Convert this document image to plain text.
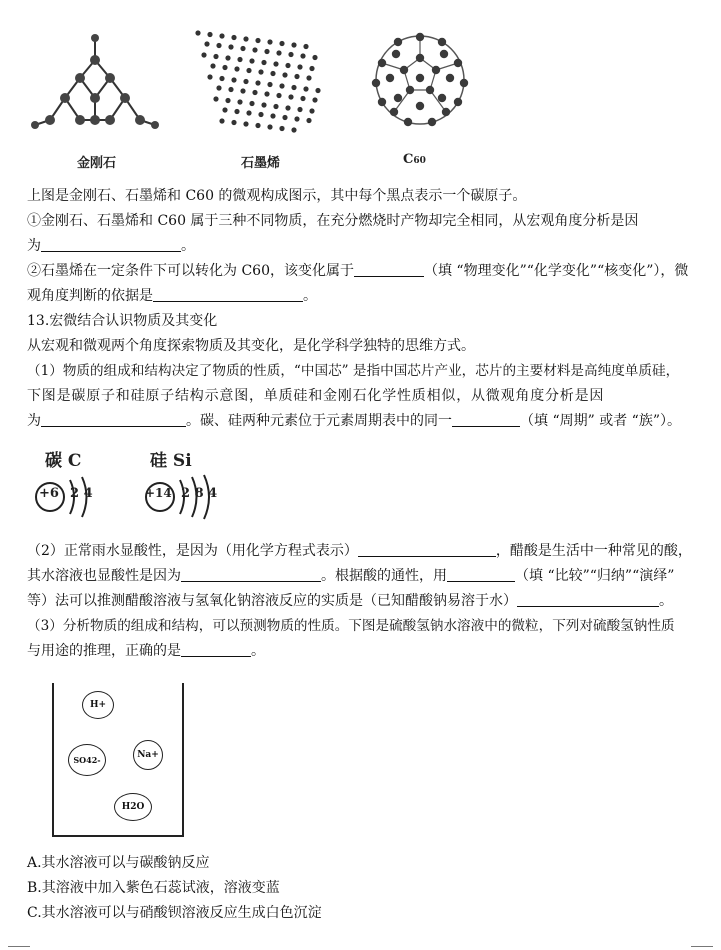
金刚石	石墨烯	C60
上图是金刚石、石墨烯和 C60 的微观构成图示，其中每个黑点表示一个碳原子。
①金刚石、石墨烯和 C60 属于三种不同物质，在充分燃烧时产物却完全相同，从宏观角度分析是因
为	。
②石墨烯在一定条件下可以转化为 C60，该变化属于	（填 “物理变化”“化学变化”“核变化”），微
观角度判断的依据是	。
13.宏微结合认识物质及其变化
从宏观和微观两个角度探索物质及其变化，是化学科学独特的思维方式。
（1）物质的组成和结构决定了物质的性质，“中国芯” 是指中国芯片产业，芯片的主要材料是高纯度单质硅，
下图是碳原子和硅原子结构示意图，单质硅和金刚石化学性质相似，从微观角度分析是因
为	。碳、硅两种元素位于元素周期表中的同一	（填 “周期” 或者 “族”）。
碳 C	硅 Si
+6 2 4	+14 2 8 4
（2）正常雨水显酸性，是因为（用化学方程式表示）	，醋酸是生活中一种常见的酸，
其水溶液也显酸性是因为	。根据酸的通性，用	（填 “比较”“归纳”“演绎”
等）法可以推测醋酸溶液与氢氧化钠溶液反应的实质是（已知醋酸钠易溶于水）	。
（3）分析物质的组成和结构，可以预测物质的性质。下图是硫酸氢钠水溶液中的微粒，下列对硫酸氢钠性质
与用途的推理，正确的是	。
H+
SO42-	Na+
H2O
A.其水溶液可以与碳酸钠反应
B.其溶液中加入紫色石蕊试液，溶液变蓝
C.其水溶液可以与硝酸钡溶液反应生成白色沉淀
